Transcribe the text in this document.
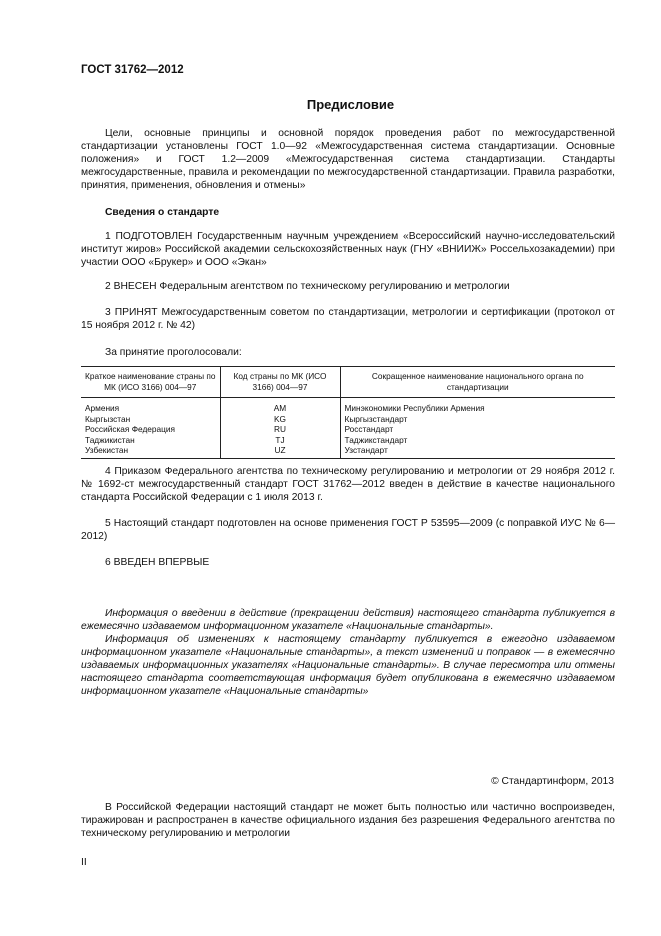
ГОСТ 31762—2012
Предисловие
Цели, основные принципы и основной порядок проведения работ по межгосударственной стандартизации установлены ГОСТ 1.0—92 «Межгосударственная система стандартизации. Основные положения» и ГОСТ 1.2—2009 «Межгосударственная система стандартизации. Стандарты межгосударственные, правила и рекомендации по межгосударственной стандартизации. Правила разработки, принятия, применения, обновления и отмены»
Сведения о стандарте
1 ПОДГОТОВЛЕН Государственным научным учреждением «Всероссийский научно-исследовательский институт жиров» Российской академии сельскохозяйственных наук (ГНУ «ВНИИЖ» Россельхозакадемии) при участии ООО «Брукер» и ООО «Экан»
2 ВНЕСЕН Федеральным агентством по техническому регулированию и метрологии
3 ПРИНЯТ Межгосударственным советом по стандартизации, метрологии и сертификации (протокол от 15 ноября 2012 г. № 42)
За принятие проголосовали:
Краткое наименование страны по МК (ИСО 3166) 004—97	Код страны по МК (ИСО 3166) 004—97	Сокращенное наименование национального органа по стандартизации
Армения	AM	Минэкономики Республики Армения
Кыргызстан	KG	Кыргызстандарт
Российская Федерация	RU	Росстандарт
Таджикистан	TJ	Таджикстандарт
Узбекистан	UZ	Узстандарт
4 Приказом Федерального агентства по техническому регулированию и метрологии от 29 ноября 2012 г. № 1692-ст межгосударственный стандарт ГОСТ 31762—2012 введен в действие в качестве национального стандарта Российской Федерации с 1 июля 2013 г.
5 Настоящий стандарт подготовлен на основе применения ГОСТ Р 53595—2009 (с поправкой ИУС № 6—2012)
6 ВВЕДЕН ВПЕРВЫЕ
Информация о введении в действие (прекращении действия) настоящего стандарта публикуется в ежемесячно издаваемом информационном указателе «Национальные стандарты».
Информация об изменениях к настоящему стандарту публикуется в ежегодно издаваемом информационном указателе «Национальные стандарты», а текст изменений и поправок — в ежемесячно издаваемых информационных указателях «Национальные стандарты». В случае пересмотра или отмены настоящего стандарта соответствующая информация будет опубликована в ежемесячно издаваемом информационном указателе «Национальные стандарты»
© Стандартинформ, 2013
В Российской Федерации настоящий стандарт не может быть полностью или частично воспроизведен, тиражирован и распространен в качестве официального издания без разрешения Федерального агентства по техническому регулированию и метрологии
II
